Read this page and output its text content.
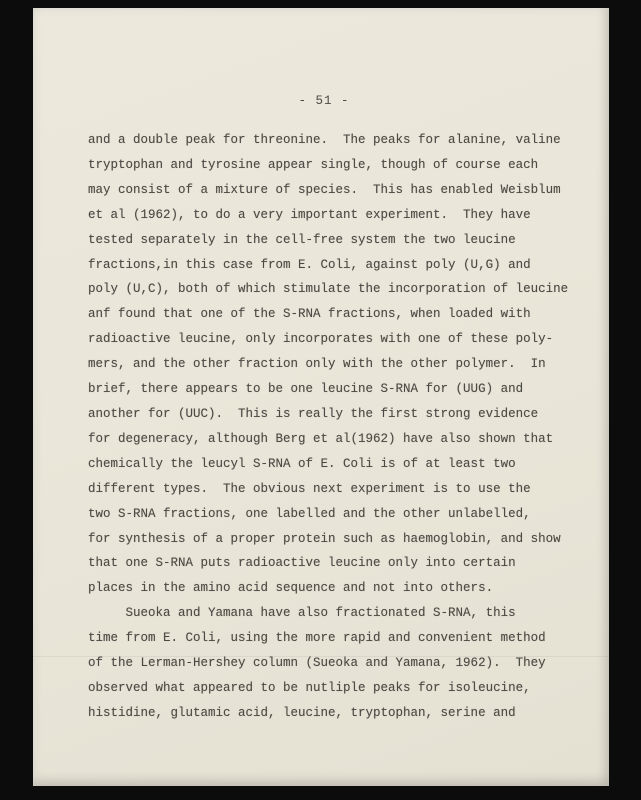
- 51 -
and a double peak for threonine.  The peaks for alanine, valine
tryptophan and tyrosine appear single, though of course each
may consist of a mixture of species.  This has enabled Weisblum
et al (1962), to do a very important experiment.  They have
tested separately in the cell-free system the two leucine
fractions,in this case from E. Coli, against poly (U,G) and
poly (U,C), both of which stimulate the incorporation of leucine
anf found that one of the S-RNA fractions, when loaded with
radioactive leucine, only incorporates with one of these poly-
mers, and the other fraction only with the other polymer.  In
brief, there appears to be one leucine S-RNA for (UUG) and
another for (UUC).  This is really the first strong evidence
for degeneracy, although Berg et al(1962) have also shown that
chemically the leucyl S-RNA of E. Coli is of at least two
different types.  The obvious next experiment is to use the
two S-RNA fractions, one labelled and the other unlabelled,
for synthesis of a proper protein such as haemoglobin, and show
that one S-RNA puts radioactive leucine only into certain
places in the amino acid sequence and not into others.
Sueoka and Yamana have also fractionated S-RNA, this
time from E. Coli, using the more rapid and convenient method
of the Lerman-Hershey column (Sueoka and Yamana, 1962).  They
observed what appeared to be nutliple peaks for isoleucine,
histidine, glutamic acid, leucine, tryptophan, serine and
